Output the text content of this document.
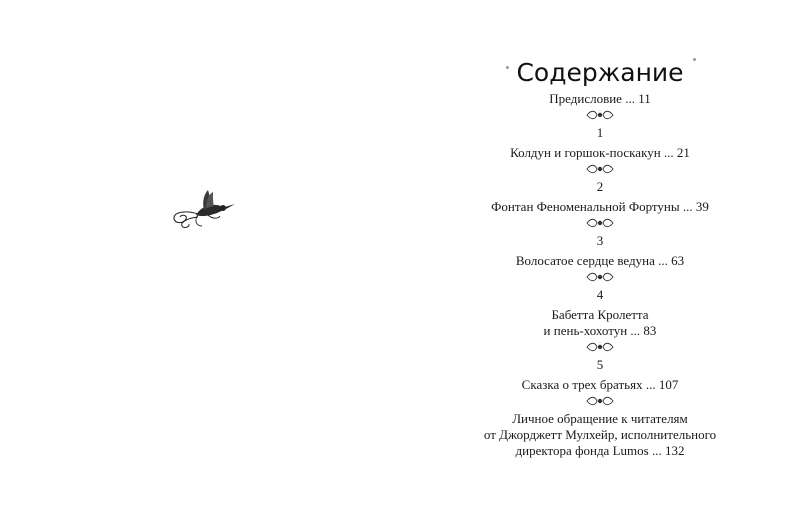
Содержание

Предисловие ... 11

1

Колдун и горшок-поскакун ... 21

2

Фонтан Феноменальной Фортуны ... 39

3

Волосатое сердце ведуна ... 63

4

Бабетта Кролетта

и пень-хохотун ... 83

5

Сказка о трех братьях ... 107

Личное обращение к читателям

от Джорджетт Мулхейр, исполнительного

директора фонда Lumos ... 132
